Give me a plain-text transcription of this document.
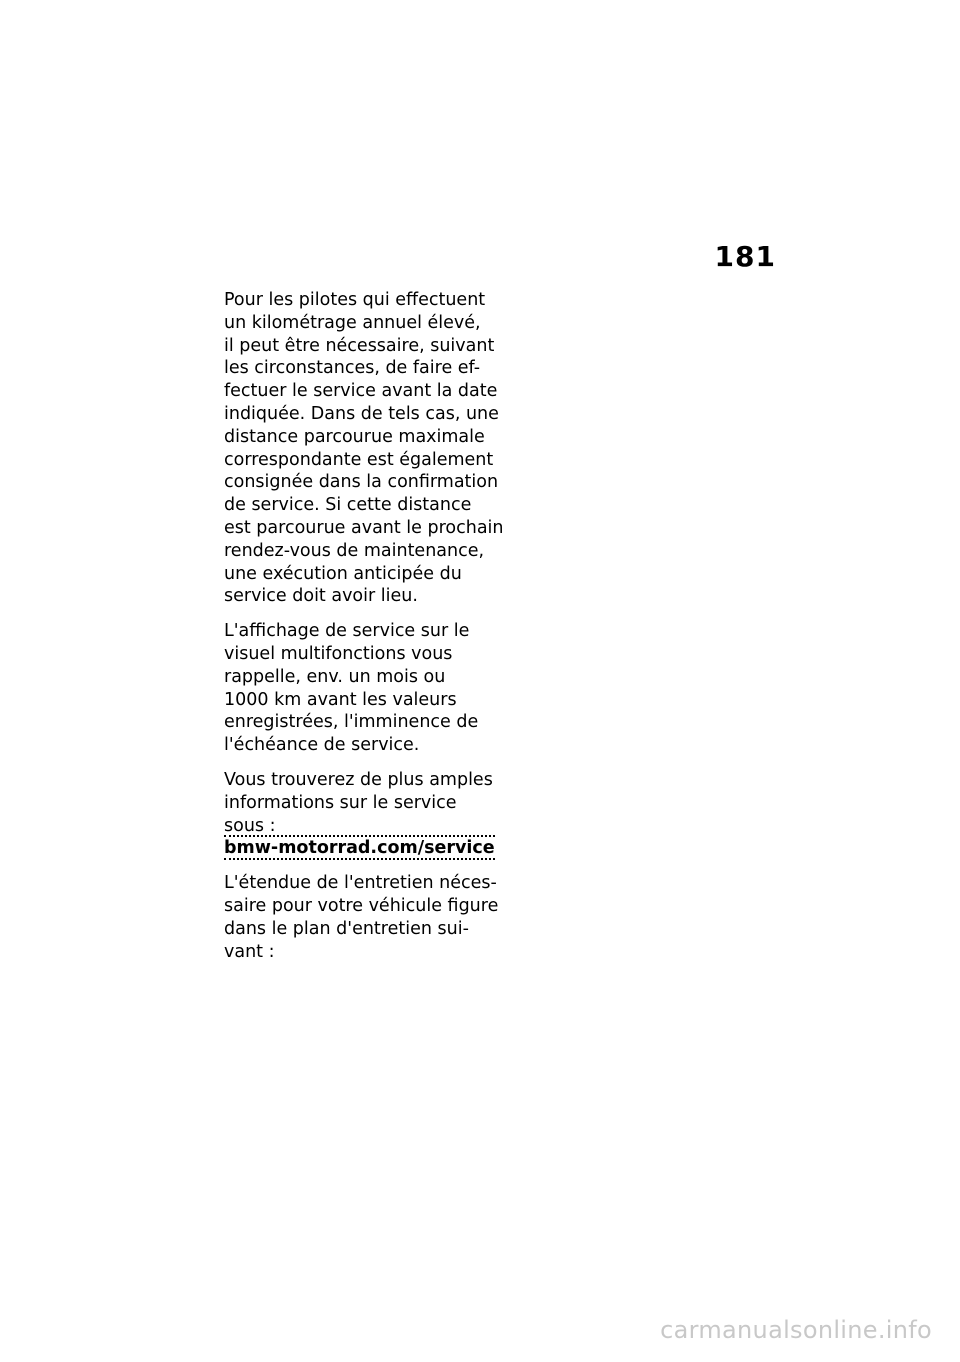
181
Pour les pilotes qui effectuent
un kilométrage annuel élevé,
il peut être nécessaire, suivant
les circonstances, de faire ef-
fectuer le service avant la date
indiquée. Dans de tels cas, une
distance parcourue maximale
correspondante est également
consignée dans la confirmation
de service. Si cette distance
est parcourue avant le prochain
rendez-vous de maintenance,
une exécution anticipée du
service doit avoir lieu.
L'affichage de service sur le
visuel multifonctions vous
rappelle, env. un mois ou
1000 km avant les valeurs
enregistrées, l'imminence de
l'échéance de service.
Vous trouverez de plus amples
informations sur le service
sous :
bmw-motorrad.com/service
L'étendue de l'entretien néces-
saire pour votre véhicule figure
dans le plan d'entretien sui-
vant :
carmanualsonline.info
